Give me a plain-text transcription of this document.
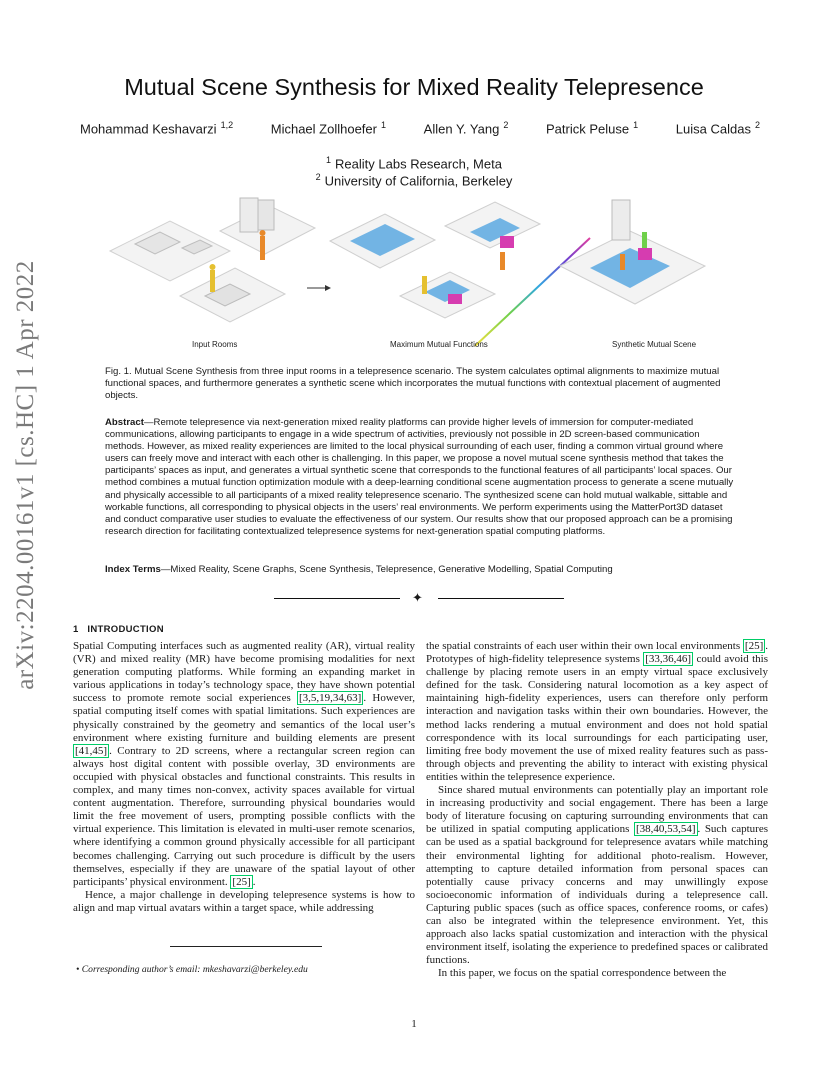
arXiv:2204.00161v1 [cs.HC] 1 Apr 2022
Mutual Scene Synthesis for Mixed Reality Telepresence
Mohammad Keshavarzi $^{1,2}$	Michael Zollhoefer $^1$	Allen Y. Yang $^2$	Patrick Peluse $^1$	Luisa Caldas $^2$
$^1$ Reality Labs Research, Meta
$^2$ University of California, Berkeley
Input Rooms	Maximum Mutual Functions	Synthetic Mutual Scene
Fig. 1. Mutual Scene Synthesis from three input rooms in a telepresence scenario. The system calculates optimal alignments to maximize mutual functional spaces, and furthermore generates a synthetic scene which incorporates the mutual functions with contextual placement of augmented objects.
Abstract—Remote telepresence via next-generation mixed reality platforms can provide higher levels of immersion for computer-mediated communications, allowing participants to engage in a wide spectrum of activities, previously not possible in 2D screen-based communication methods. However, as mixed reality experiences are limited to the local physical surrounding of each user, finding a common virtual ground where users can freely move and interact with each other is challenging. In this paper, we propose a novel mutual scene synthesis method that takes the participants’ spaces as input, and generates a virtual synthetic scene that corresponds to the functional features of all participants’ local spaces. Our method combines a mutual function optimization module with a deep-learning conditional scene augmentation process to generate a scene mutually and physically accessible to all participants of a mixed reality telepresence scenario. The synthesized scene can hold mutual walkable, sittable and workable functions, all corresponding to physical objects in the users’ real environments. We perform experiments using the MatterPort3D dataset and conduct comparative user studies to evaluate the effectiveness of our system. Our results show that our proposed approach can be a promising research direction for facilitating contextualized telepresence systems for next-generation spatial computing platforms.
Index Terms—Mixed Reality, Scene Graphs, Scene Synthesis, Telepresence, Generative Modelling, Spatial Computing
✦
1 INTRODUCTION

Spatial Computing interfaces such as augmented reality (AR), virtual reality (VR) and mixed reality (MR) have become promising modalities for next generation computing platforms. While forming an expanding market in various applications in today’s technology space, they have shown potential success to promote remote social experiences [3,5,19,34,63] . However, spatial computing itself comes with spatial limitations. Such experiences are physically constrained by the geometry and semantics of the local user’s environment where existing furniture and building elements are present [41,45] . Contrary to 2D screens, where a rectangular screen region can always host digital content with possible overlay, 3D environments are occupied with physical obstacles and functional constraints. This results in complex, and many times non-convex, activity spaces available for virtual content augmentation. Therefore, surrounding physical boundaries would limit the free movement of users, prompting possible conflicts with the virtual experience. This limitation is elevated in multi-user remote scenarios, where identifying a common ground physically accessible for all participant becomes challenging. Carrying out such procedure is difficult by the users themselves, especially if they are unaware of the spatial layout of other participants’ physical environment. [25] .

Hence, a major challenge in developing telepresence systems is how to align and map virtual avatars within a target space, while addressing

the spatial constraints of each user within their own local environments [25] . Prototypes of high-fidelity telepresence systems [33,36,46] could avoid this challenge by placing remote users in an empty virtual space exclusively defined for the task. Considering natural locomotion as a key aspect of maintaining high-fidelity experiences, users can therefore only perform interaction and navigation tasks within their own boundaries. However, the method lacks rendering a mutual environment and does not hold spatial correspondence with its local surroundings for each participating user, limiting free body movement the use of mixed reality features such as pass-through objects and preventing the ability to interact with existing physical entities within the telepresence experience.

Since shared mutual environments can potentially play an important role in increasing productivity and social engagement. There has been a large body of literature focusing on capturing surrounding environments that can be utilized in spatial computing applications [38,40,53,54] . Such captures can be used as a spatial background for telepresence avatars while matching their environmental lighting for additional photo-realism. However, attempting to capture detailed information from personal spaces can potentially cause privacy concerns and may unwillingly expose socioeconomic information of individuals during a telepresence call. Capturing public spaces (such as office spaces, conference rooms, or cafes) can also be integrated within the telepresence environment. Yet, this approach also lacks spatial customization and interaction with the physical environment itself, isolating the experience to predefined spaces or calibrated functions.

In this paper, we focus on the spatial correspondence between the

• Corresponding author’s email: mkeshavarzi@berkeley.edu
1
